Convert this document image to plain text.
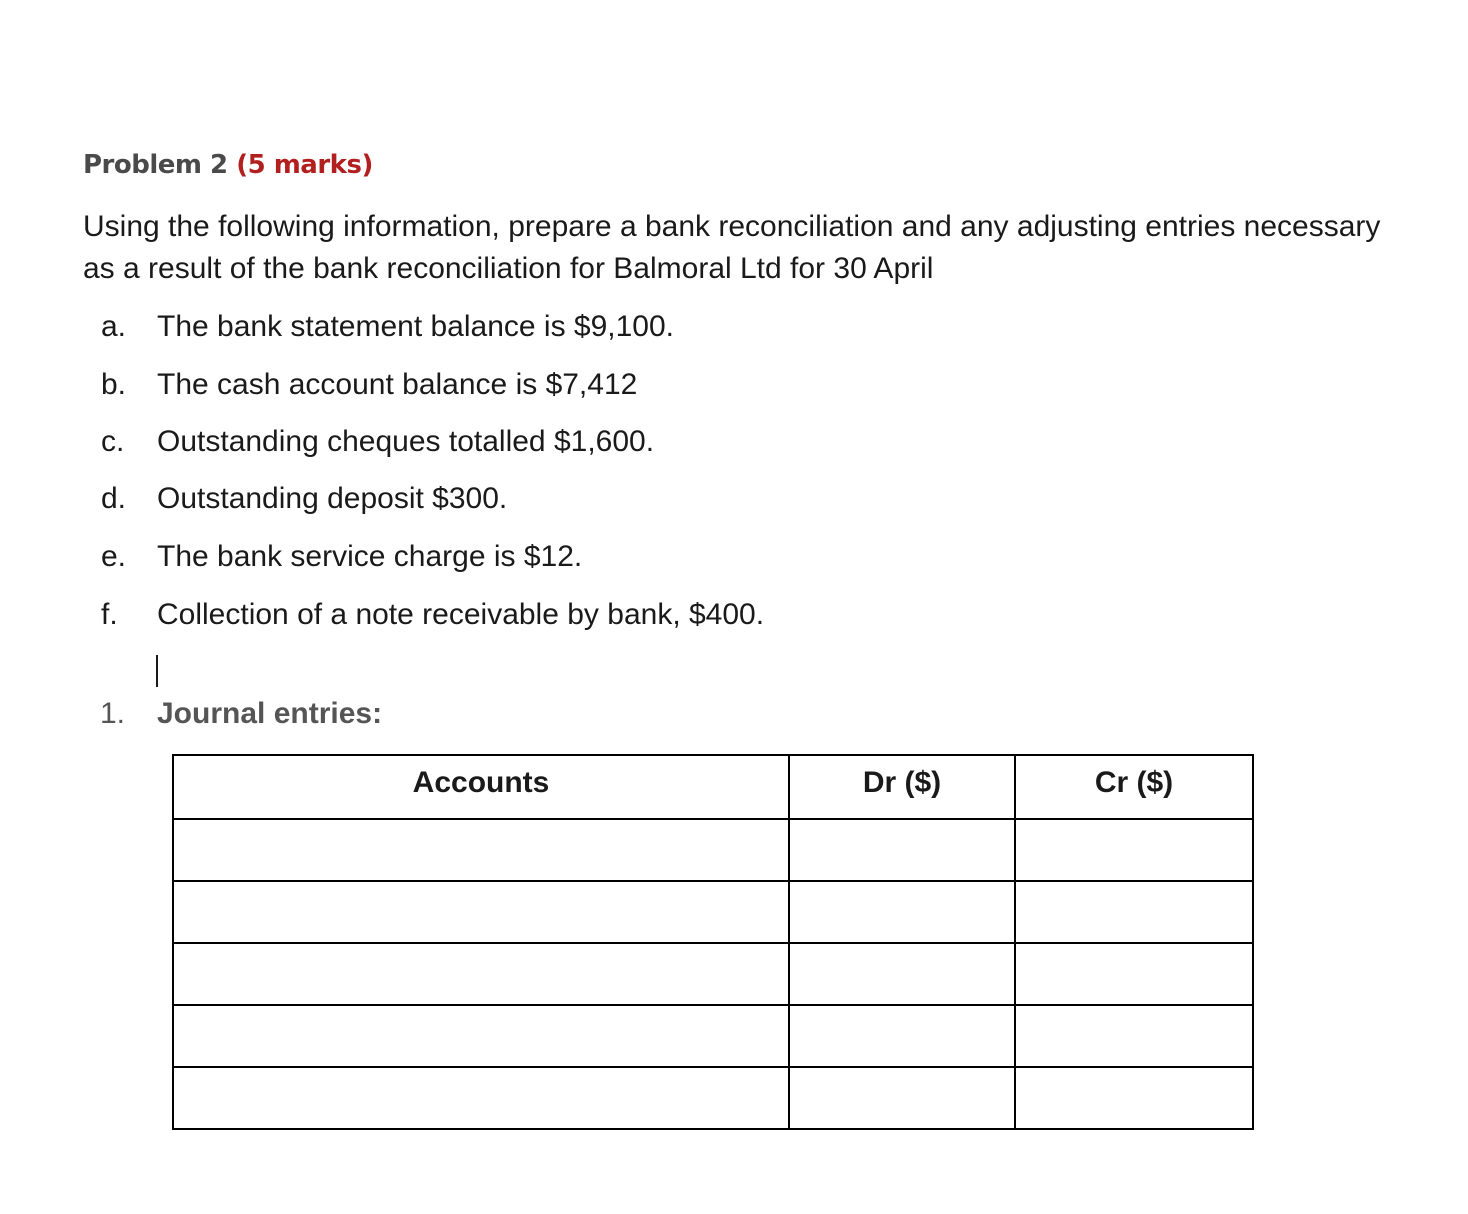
Problem 2 (5 marks)
Using the following information, prepare a bank reconciliation and any adjusting entries necessary as a result of the bank reconciliation for Balmoral Ltd for 30 April
a. The bank statement balance is $9,100.
b. The cash account balance is $7,412
c. Outstanding cheques totalled $1,600.
d. Outstanding deposit $300.
e. The bank service charge is $12.
f. Collection of a note receivable by bank, $400.
1. Journal entries:
Accounts	Dr ($)	Cr ($)
